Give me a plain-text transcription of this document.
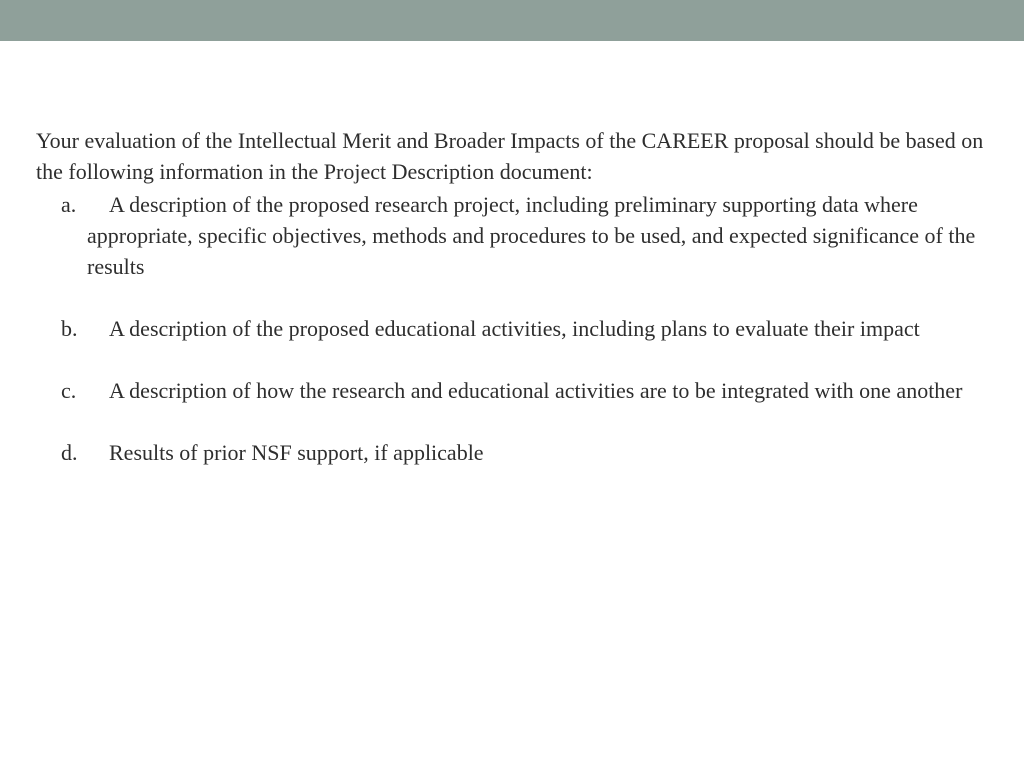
Your evaluation of the Intellectual Merit and Broader Impacts of the CAREER proposal should be based on the following information in the Project Description document:

a. A description of the proposed research project, including preliminary supporting data where appropriate, specific objectives, methods and procedures to be used, and expected significance of the results
b. A description of the proposed educational activities, including plans to evaluate their impact
c. A description of how the research and educational activities are to be integrated with one another
d. Results of prior NSF support, if applicable
